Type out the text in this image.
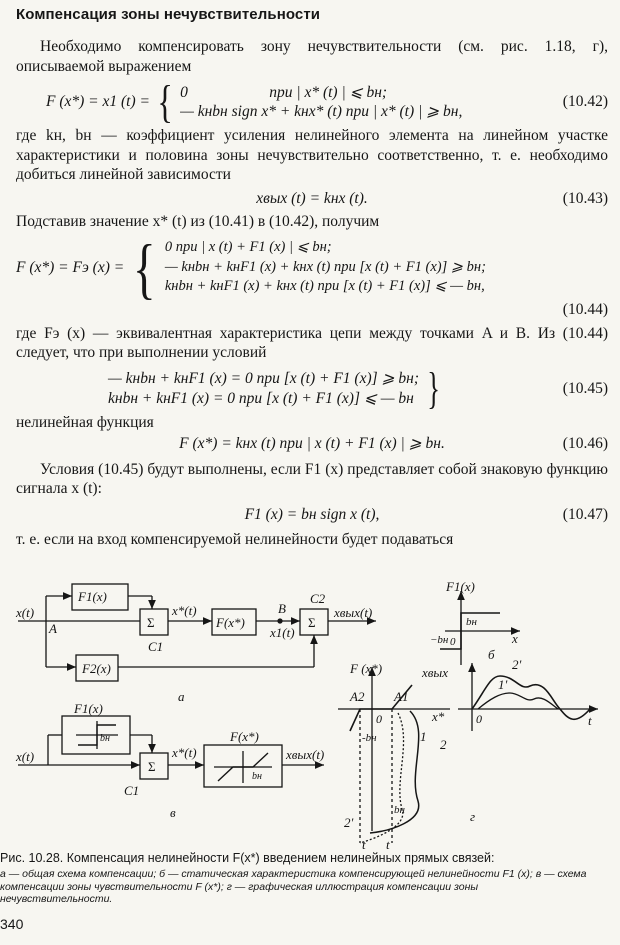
Компенсация зоны нечувствительности

Необходимо компенсировать зону нечувствительности (см. рис. 1.18, г), описываемой выражением

F (x*) = x1 (t) = { 0                     при | x* (t) | ⩽ bн;
— kнbн sign x* + kнx* (t) при | x* (t) | ⩾ bн,
(10.42)

где kн, bн — коэффициент усиления нелинейного элемента на линейном участке характеристики и половина зоны нечувствительно соответственно, т. е. необходимо добиться линейной зависимости

xвых (t) = kнx (t).	(10.43)

Подставив значение x* (t) из (10.41) в (10.42), получим

F (x*) = Fэ (x) = { 0 при | x (t) + F1 (x) | ⩽ bн;
— kнbн + kнF1 (x) + kнx (t) при [x (t) + F1 (x)] ⩾ bн;
kнbн + kнF1 (x) + kнx (t) при [x (t) + F1 (x)] ⩽ — bн,
(10.44)

где Fэ (x) — эквивалентная характеристика цепи между точками A и B. Из (10.44) следует, что при выполнении условий

— kнbн + kнF1 (x) = 0 при [x (t) + F1 (x)] ⩾ bн;
kнbн + kнF1 (x) = 0 при [x (t) + F1 (x)] ⩽ — bн }	(10.45)

нелинейная функция

F (x*) = kнx (t) при | x (t) + F1 (x) | ⩾ bн.	(10.46)

Условия (10.45) будут выполнены, если F1 (x) представляет собой знаковую функцию сигнала x (t):

F1 (x) = bн sign x (t),	(10.47)

т. е. если на вход компенсируемой нелинейности будет подаваться

x(t)
A
F1(x)
Σ
C1
x*(t)
F(x*)
B
x1(t)
Σ
C2
xвых(t)
F2(x)
а
F1(x)
bн
−bн 0	x
б
F1(x)
bн
x(t)
Σ
C1
x*(t)
F(x*)
bн
xвых(t)
в
F (x*)	xвых
A2 A1
0	0
x*
-bн
bн
1
2
1'
2'
2'
t t
t
г
Рис. 10.28. Компенсация нелинейности F(x*) введением нелинейных прямых связей:
а — общая схема компенсации; б — статическая характеристика компенсирующей нелинейности F1 (x); в — схема компенсации зоны чувствительности F (x*); г — графическая иллюстрация компенсации зоны нечувствительности.
340
